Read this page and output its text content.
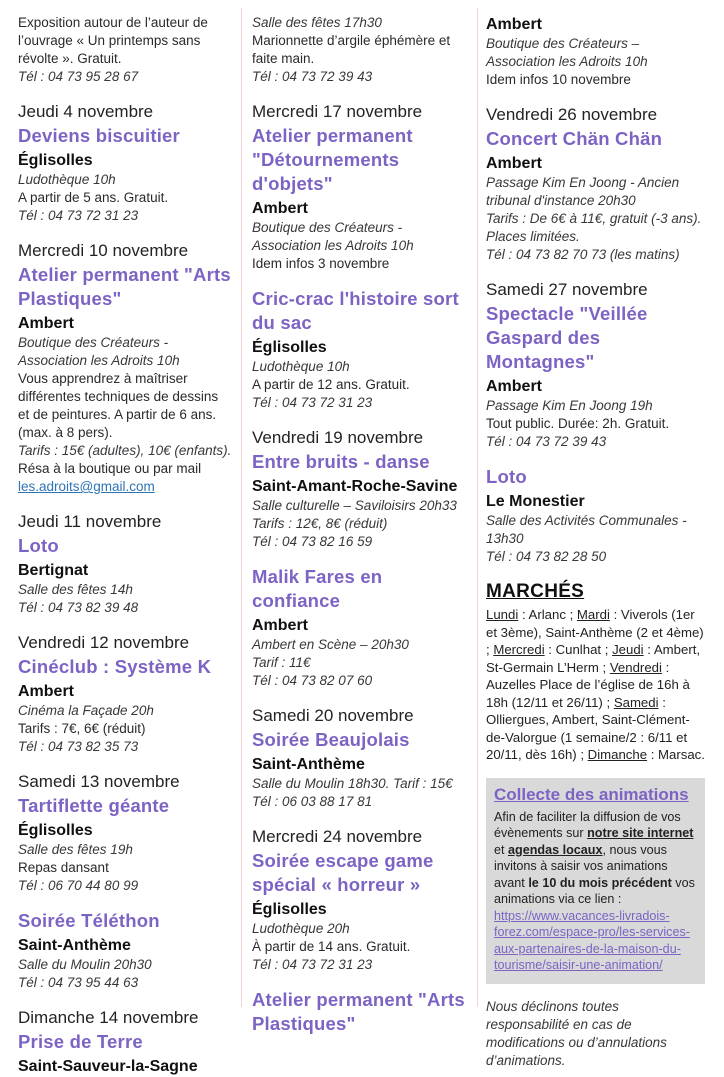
Exposition autour de l’auteur de l’ouvrage « Un printemps sans révolte ». Gratuit.
Tél : 04 73 95 28 67
Jeudi 4 novembre
Deviens biscuitier
Églisolles
Ludothèque 10h
A partir de 5 ans. Gratuit.
Tél : 04 73 72 31 23
Mercredi 10 novembre
Atelier permanent "Arts Plastiques"
Ambert
Boutique des Créateurs - Association les Adroits 10h
Vous apprendrez à maîtriser différentes techniques de dessins et de peintures. A partir de 6 ans. (max. à 8 pers).
Tarifs : 15€ (adultes), 10€ (enfants).
Résa à la boutique ou par mail
les.adroits@gmail.com
Jeudi 11 novembre
Loto
Bertignat
Salle des fêtes 14h
Tél : 04 73 82 39 48
Vendredi 12 novembre
Cinéclub : Système K
Ambert
Cinéma la Façade 20h
Tarifs : 7€, 6€ (réduit)
Tél : 04 73 82 35 73
Samedi 13 novembre
Tartiflette géante
Églisolles
Salle des fêtes 19h
Repas dansant
Tél : 06 70 44 80 99
Soirée Téléthon
Saint-Anthème
Salle du Moulin 20h30
Tél : 04 73 95 44 63
Dimanche 14 novembre
Prise de Terre
Saint-Sauveur-la-Sagne
Salle des fêtes 17h30
Marionnette d’argile éphémère et faite main.
Tél : 04 73 72 39 43
Mercredi 17 novembre
Atelier permanent "Détournements d'objets"
Ambert
Boutique des Créateurs - Association les Adroits 10h
Idem infos 3 novembre
Cric-crac l'histoire sort du sac
Églisolles
Ludothèque 10h
A partir de 12 ans. Gratuit.
Tél : 04 73 72 31 23
Vendredi 19 novembre
Entre bruits - danse
Saint-Amant-Roche-Savine
Salle culturelle – Saviloisirs 20h33
Tarifs : 12€, 8€ (réduit)
Tél : 04 73 82 16 59
Malik Fares en confiance
Ambert
Ambert en Scène – 20h30
Tarif : 11€
Tél : 04 73 82 07 60
Samedi 20 novembre
Soirée Beaujolais
Saint-Anthème
Salle du Moulin 18h30. Tarif : 15€
Tél : 06 03 88 17 81
Mercredi 24 novembre
Soirée escape game spécial « horreur »
Églisolles
Ludothèque 20h
À partir de 14 ans. Gratuit.
Tél : 04 73 72 31 23
Atelier permanent "Arts Plastiques"
Ambert
Boutique des Créateurs – Association les Adroits 10h
Idem infos 10 novembre
Vendredi 26 novembre
Concert Chän Chän
Ambert
Passage Kim En Joong - Ancien tribunal d'instance 20h30
Tarifs : De 6€ à 11€, gratuit (-3 ans). Places limitées.
Tél : 04 73 82 70 73 (les matins)
Samedi 27 novembre
Spectacle "Veillée Gaspard des Montagnes"
Ambert
Passage Kim En Joong 19h
Tout public. Durée: 2h. Gratuit.
Tél : 04 73 72 39 43
Loto
Le Monestier
Salle des Activités Communales - 13h30
Tél : 04 73 82 28 50
MARCHÉS

Lundi : Arlanc ; Mardi : Viverols (1er et 3ème), Saint-Anthème (2 et 4ème) ; Mercredi : Cunlhat ; Jeudi : Ambert, St-Germain L’Herm ; Vendredi : Auzelles Place de l’église de 16h à 18h (12/11 et 26/11) ; Samedi : Olliergues, Ambert, Saint-Clément-de-Valorgue (1 semaine/2 : 6/11 et 20/11, dès 16h) ; Dimanche : Marsac.

Collecte des animations

Afin de faciliter la diffusion de vos évènements sur notre site internet et agendas locaux, nous vous invitons à saisir vos animations avant le 10 du mois précédent vos animations via ce lien : https://www.vacances-livradois-forez.com/espace-pro/les-services-aux-partenaires-de-la-maison-du-tourisme/saisir-une-animation/

Nous déclinons toutes responsabilité en cas de modifications ou d’annulations d’animations.
